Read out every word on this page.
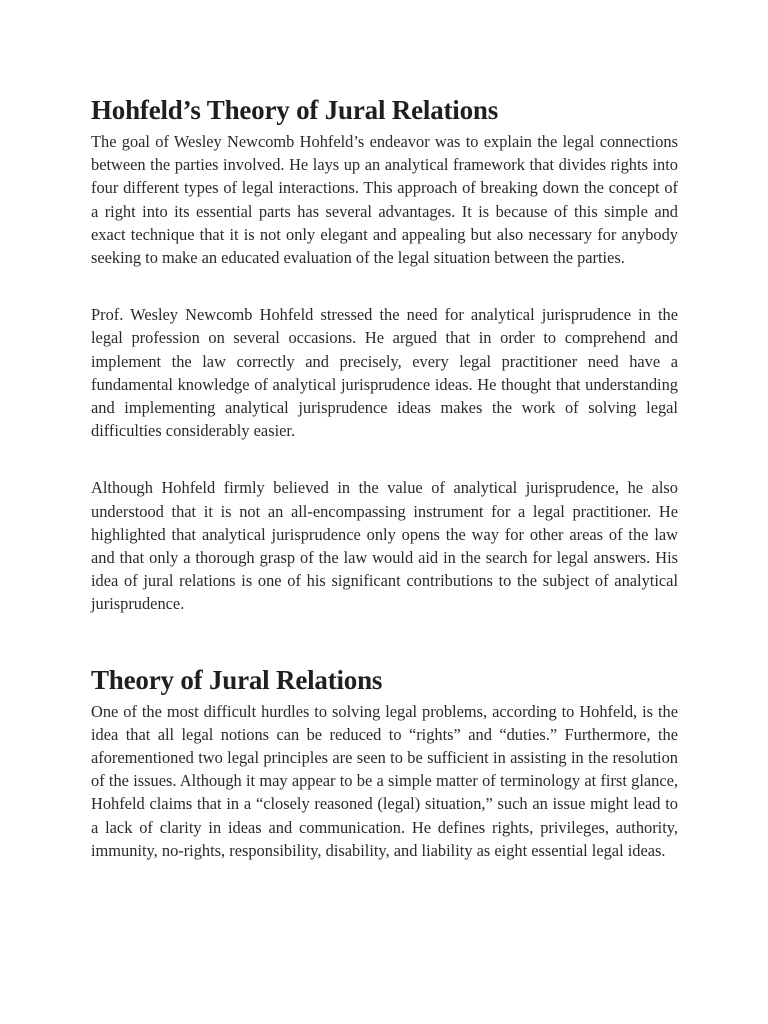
Hohfeld’s Theory of Jural Relations

The goal of Wesley Newcomb Hohfeld’s endeavor was to explain the legal connections between the parties involved. He lays up an analytical framework that divides rights into four different types of legal interactions. This approach of breaking down the concept of a right into its essential parts has several advantages. It is because of this simple and exact technique that it is not only elegant and appealing but also necessary for anybody seeking to make an educated evaluation of the legal situation between the parties.

Prof. Wesley Newcomb Hohfeld stressed the need for analytical jurisprudence in the legal profession on several occasions. He argued that in order to comprehend and implement the law correctly and precisely, every legal practitioner need have a fundamental knowledge of analytical jurisprudence ideas. He thought that understanding and implementing analytical jurisprudence ideas makes the work of solving legal difficulties considerably easier.

Although Hohfeld firmly believed in the value of analytical jurisprudence, he also understood that it is not an all-encompassing instrument for a legal practitioner. He highlighted that analytical jurisprudence only opens the way for other areas of the law and that only a thorough grasp of the law would aid in the search for legal answers. His idea of jural relations is one of his significant contributions to the subject of analytical jurisprudence.

Theory of Jural Relations

One of the most difficult hurdles to solving legal problems, according to Hohfeld, is the idea that all legal notions can be reduced to “rights” and “duties.” Furthermore, the aforementioned two legal principles are seen to be sufficient in assisting in the resolution of the issues. Although it may appear to be a simple matter of terminology at first glance, Hohfeld claims that in a “closely reasoned (legal) situation,” such an issue might lead to a lack of clarity in ideas and communication. He defines rights, privileges, authority, immunity, no-rights, responsibility, disability, and liability as eight essential legal ideas.
